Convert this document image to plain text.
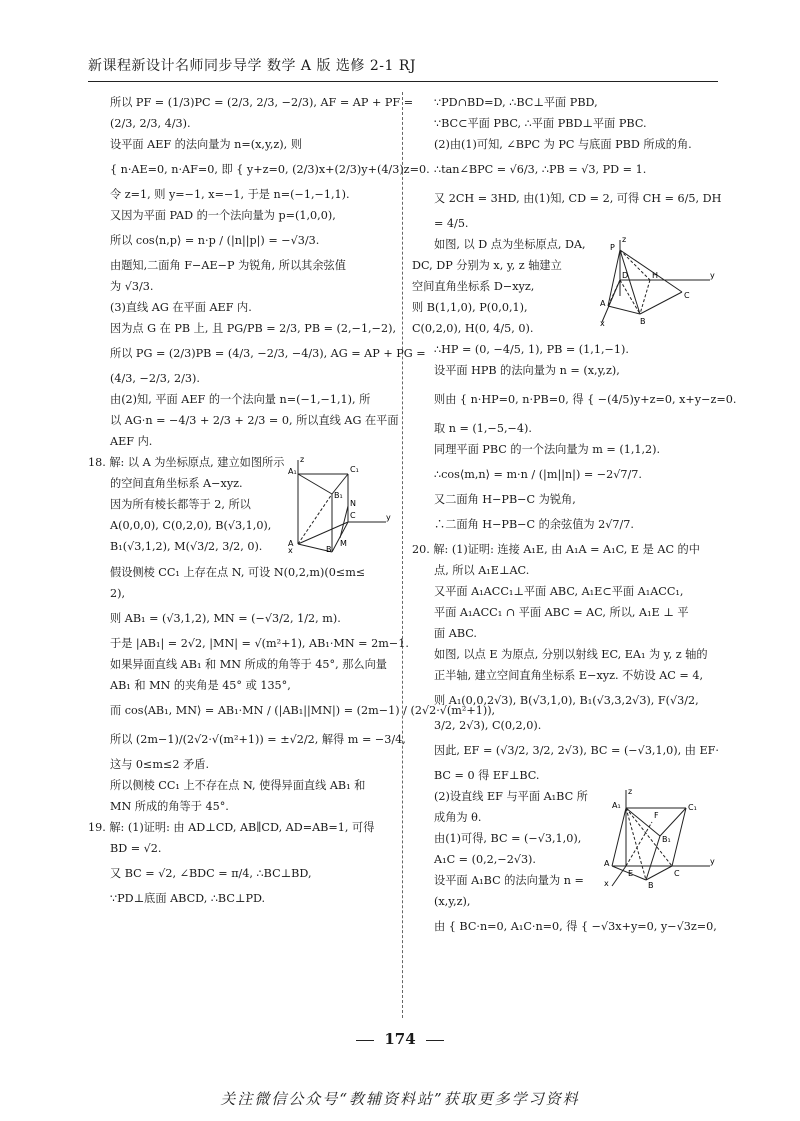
新课程新设计名师同步导学 数学 A 版 选修 2-1 RJ

所以 PF = (1/3)PC = (2/3, 2/3, −2/3), AF = AP + PF =

(2/3, 2/3, 4/3).

设平面 AEF 的法向量为 n=(x,y,z), 则

{ n·AE=0, n·AF=0, 即 { y+z=0, (2/3)x+(2/3)y+(4/3)z=0.

令 z=1, 则 y=−1, x=−1, 于是 n=(−1,−1,1).

又因为平面 PAD 的一个法向量为 p=(1,0,0),

所以 cos⟨n,p⟩ = n·p / (|n||p|) = −√3/3.

由题知,二面角 F−AE−P 为锐角, 所以其余弦值

为 √3/3.

(3)直线 AG 在平面 AEF 内.

因为点 G 在 PB 上, 且 PG/PB = 2/3, PB = (2,−1,−2),

所以 PG = (2/3)PB = (4/3, −2/3, −4/3), AG = AP + PG =

(4/3, −2/3, 2/3).

由(2)知, 平面 AEF 的一个法向量 n=(−1,−1,1), 所

以 AG·n = −4/3 + 2/3 + 2/3 = 0, 所以直线 AG 在平面

AEF 内.

z
A₁	C₁
B₁
N
C	y
A	M
B
x

18. 解: 以 A 为坐标原点, 建立如图所示

的空间直角坐标系 A−xyz.

因为所有棱长都等于 2, 所以

A(0,0,0), C(0,2,0), B(√3,1,0),

B₁(√3,1,2), M(√3/2, 3/2, 0).

假设侧棱 CC₁ 上存在点 N, 可设 N(0,2,m)(0≤m≤

2),

则 AB₁ = (√3,1,2), MN = (−√3/2, 1/2, m).

于是 |AB₁| = 2√2, |MN| = √(m²+1), AB₁·MN = 2m−1.

如果异面直线 AB₁ 和 MN 所成的角等于 45°, 那么向量

AB₁ 和 MN 的夹角是 45° 或 135°,

而 cos⟨AB₁, MN⟩ = AB₁·MN / (|AB₁||MN|) = (2m−1) / (2√2·√(m²+1)),

所以 (2m−1)/(2√2·√(m²+1)) = ±√2/2, 解得 m = −3/4,

这与 0≤m≤2 矛盾.

所以侧棱 CC₁ 上不存在点 N, 使得异面直线 AB₁ 和

MN 所成的角等于 45°.

19. 解: (1)证明: 由 AD⊥CD, AB∥CD, AD=AB=1, 可得

BD = √2.

又 BC = √2, ∠BDC = π/4, ∴BC⊥BD,

∵PD⊥底面 ABCD, ∴BC⊥PD.

∵PD∩BD=D, ∴BC⊥平面 PBD,

∵BC⊂平面 PBC, ∴平面 PBD⊥平面 PBC.

(2)由(1)可知, ∠BPC 为 PC 与底面 PBD 所成的角.

∴tan∠BPC = √6/3, ∴PB = √3, PD = 1.

又 2CH = 3HD, 由(1)知, CD = 2, 可得 CH = 6/5, DH

= 4/5.

z
P
D	H	y
A
C
B
x

如图, 以 D 点为坐标原点, DA,

DC, DP 分别为 x, y, z 轴建立

空间直角坐标系 D−xyz,

则 B(1,1,0), P(0,0,1),

C(0,2,0), H(0, 4/5, 0).

∴HP = (0, −4/5, 1), PB = (1,1,−1).

设平面 HPB 的法向量为 n = (x,y,z),

则由 { n·HP=0, n·PB=0, 得 { −(4/5)y+z=0, x+y−z=0.

取 n = (1,−5,−4).

同理平面 PBC 的一个法向量为 m = (1,1,2).

∴cos⟨m,n⟩ = m·n / (|m||n|) = −2√7/7.

又二面角 H−PB−C 为锐角,

∴二面角 H−PB−C 的余弦值为 2√7/7.

20. 解: (1)证明: 连接 A₁E, 由 A₁A = A₁C, E 是 AC 的中

点, 所以 A₁E⊥AC.

又平面 A₁ACC₁⊥平面 ABC, A₁E⊂平面 A₁ACC₁,

平面 A₁ACC₁ ∩ 平面 ABC = AC, 所以, A₁E ⊥ 平

面 ABC.

如图, 以点 E 为原点, 分别以射线 EC, EA₁ 为 y, z 轴的

正半轴, 建立空间直角坐标系 E−xyz. 不妨设 AC = 4,

则 A₁(0,0,2√3), B(√3,1,0), B₁(√3,3,2√3), F(√3/2,

3/2, 2√3), C(0,2,0).

因此, EF = (√3/2, 3/2, 2√3), BC = (−√3,1,0), 由 EF·

BC = 0 得 EF⊥BC.

z
A₁
F
C₁
B₁
A
E	C
B
y
x

(2)设直线 EF 与平面 A₁BC 所

成角为 θ.

由(1)可得, BC = (−√3,1,0),

A₁C = (0,2,−2√3).

设平面 A₁BC 的法向量为 n =

(x,y,z),

由 { BC·n=0, A₁C·n=0, 得 { −√3x+y=0, y−√3z=0,

174
关注微信公众号“教辅资料站”获取更多学习资料
